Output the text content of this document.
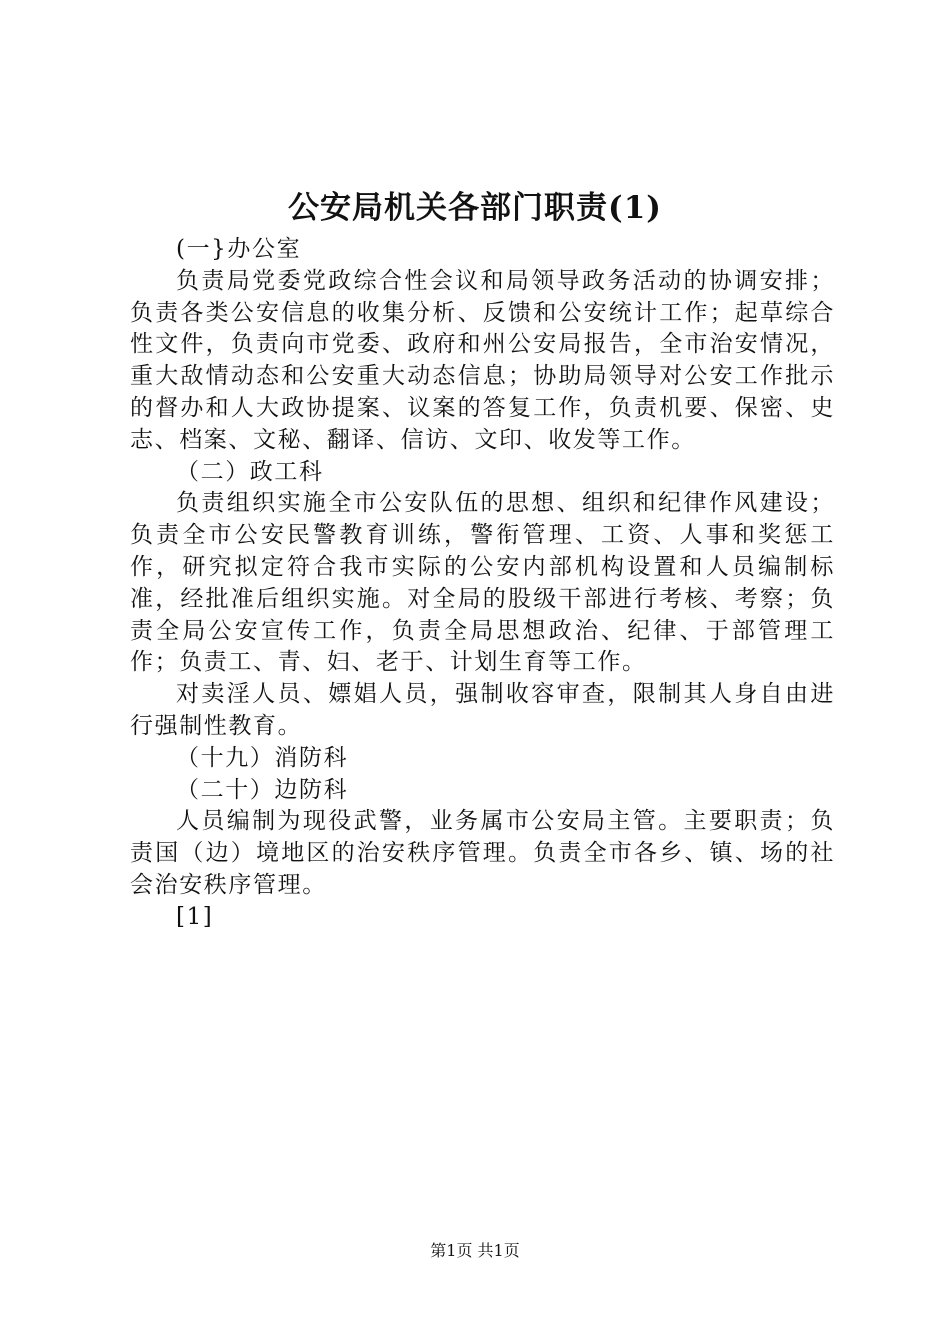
公安局机关各部门职责(1)

(一}办公室

负责局党委党政综合性会议和局领导政务活动的协调安排；负责各类公安信息的收集分析、反馈和公安统计工作；起草综合性文件，负责向市党委、政府和州公安局报告，全市治安情况，重大敌情动态和公安重大动态信息；协助局领导对公安工作批示的督办和人大政协提案、议案的答复工作，负责机要、保密、史志、档案、文秘、翻译、信访、文印、收发等工作。

（二）政工科

负责组织实施全市公安队伍的思想、组织和纪律作风建设；负责全市公安民警教育训练，警衔管理、工资、人事和奖惩工作，研究拟定符合我市实际的公安内部机构设置和人员编制标准，经批准后组织实施。对全局的股级干部进行考核、考察；负责全局公安宣传工作，负责全局思想政治、纪律、于部管理工作；负责工、青、妇、老于、计划生育等工作。

对卖淫人员、嫖娼人员，强制收容审查，限制其人身自由进行强制性教育。

（十九）消防科

（二十）边防科

人员编制为现役武警，业务属市公安局主管。主要职责；负责国（边）境地区的治安秩序管理。负责全市各乡、镇、场的社会治安秩序管理。

[1]

第1页 共1页
